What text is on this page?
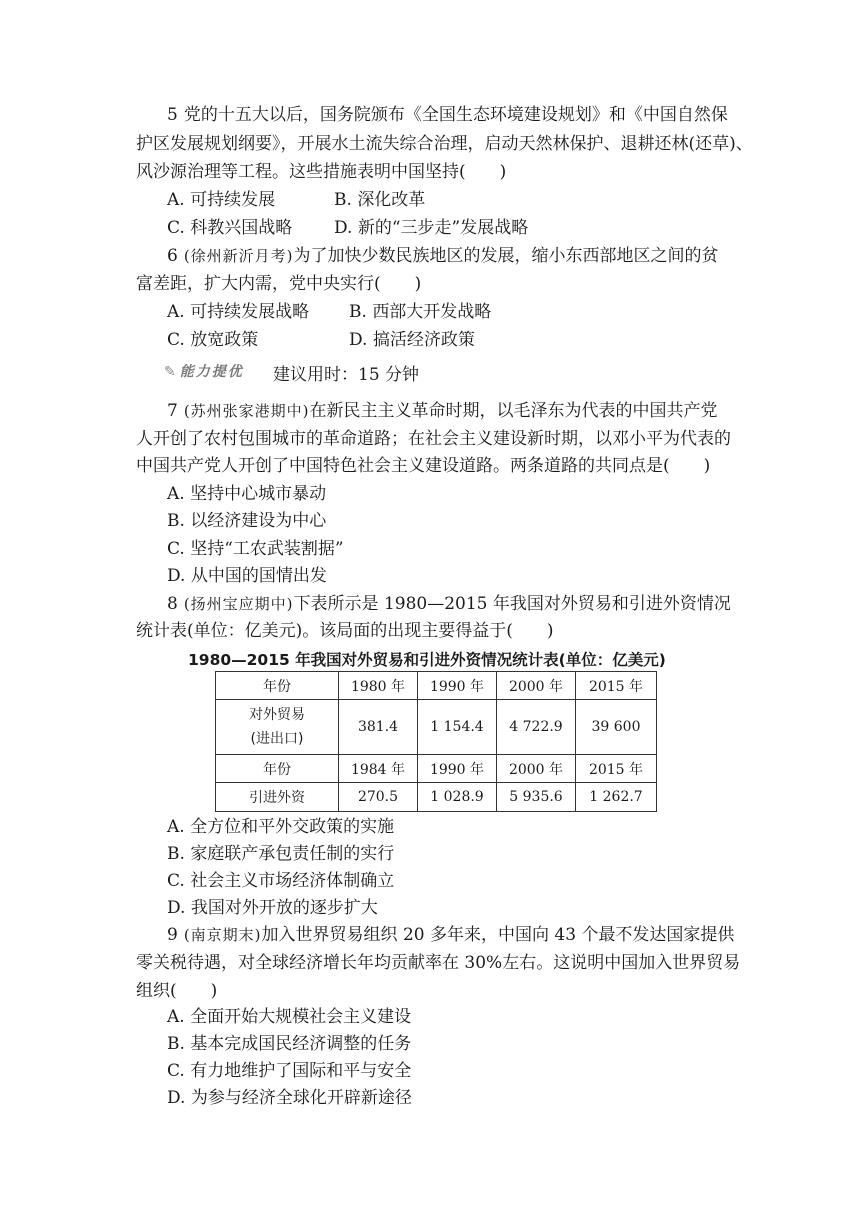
5 党的十五大以后，国务院颁布《全国生态环境建设规划》和《中国自然保
护区发展规划纲要》，开展水土流失综合治理，启动天然林保护、退耕还林(还草)、
风沙源治理等工程。这些措施表明中国坚持(　　)
A. 可持续发展	B. 深化改革
C. 科教兴国战略 D. 新的“三步走”发展战略
6 (徐州新沂月考)为了加快少数民族地区的发展，缩小东西部地区之间的贫
富差距，扩大内需，党中央实行(　　)
A. 可持续发展战略 B. 西部大开发战略
C. 放宽政策	D. 搞活经济政策
✎ 能力提优 建议用时：15 分钟
7 (苏州张家港期中)在新民主主义革命时期，以毛泽东为代表的中国共产党
人开创了农村包围城市的革命道路；在社会主义建设新时期，以邓小平为代表的
中国共产党人开创了中国特色社会主义建设道路。两条道路的共同点是(　　)
A. 坚持中心城市暴动
B. 以经济建设为中心
C. 坚持“工农武装割据”
D. 从中国的国情出发
8 (扬州宝应期中)下表所示是 1980—2015 年我国对外贸易和引进外资情况
统计表(单位：亿美元)。该局面的出现主要得益于(　　)
1980—2015 年我国对外贸易和引进外资情况统计表(单位：亿美元)
年份	1980 年	1990 年	2000 年	2015 年

对外贸易
(进出口)	381.4	1 154.4	4 722.9	39 600
年份	1984 年	1990 年	2000 年	2015 年
引进外资	270.5	1 028.9	5 935.6	1 262.7
A. 全方位和平外交政策的实施
B. 家庭联产承包责任制的实行
C. 社会主义市场经济体制确立
D. 我国对外开放的逐步扩大
9 (南京期末)加入世界贸易组织 20 多年来，中国向 43 个最不发达国家提供
零关税待遇，对全球经济增长年均贡献率在 30%左右。这说明中国加入世界贸易
组织(　　)
A. 全面开始大规模社会主义建设
B. 基本完成国民经济调整的任务
C. 有力地维护了国际和平与安全
D. 为参与经济全球化开辟新途径
